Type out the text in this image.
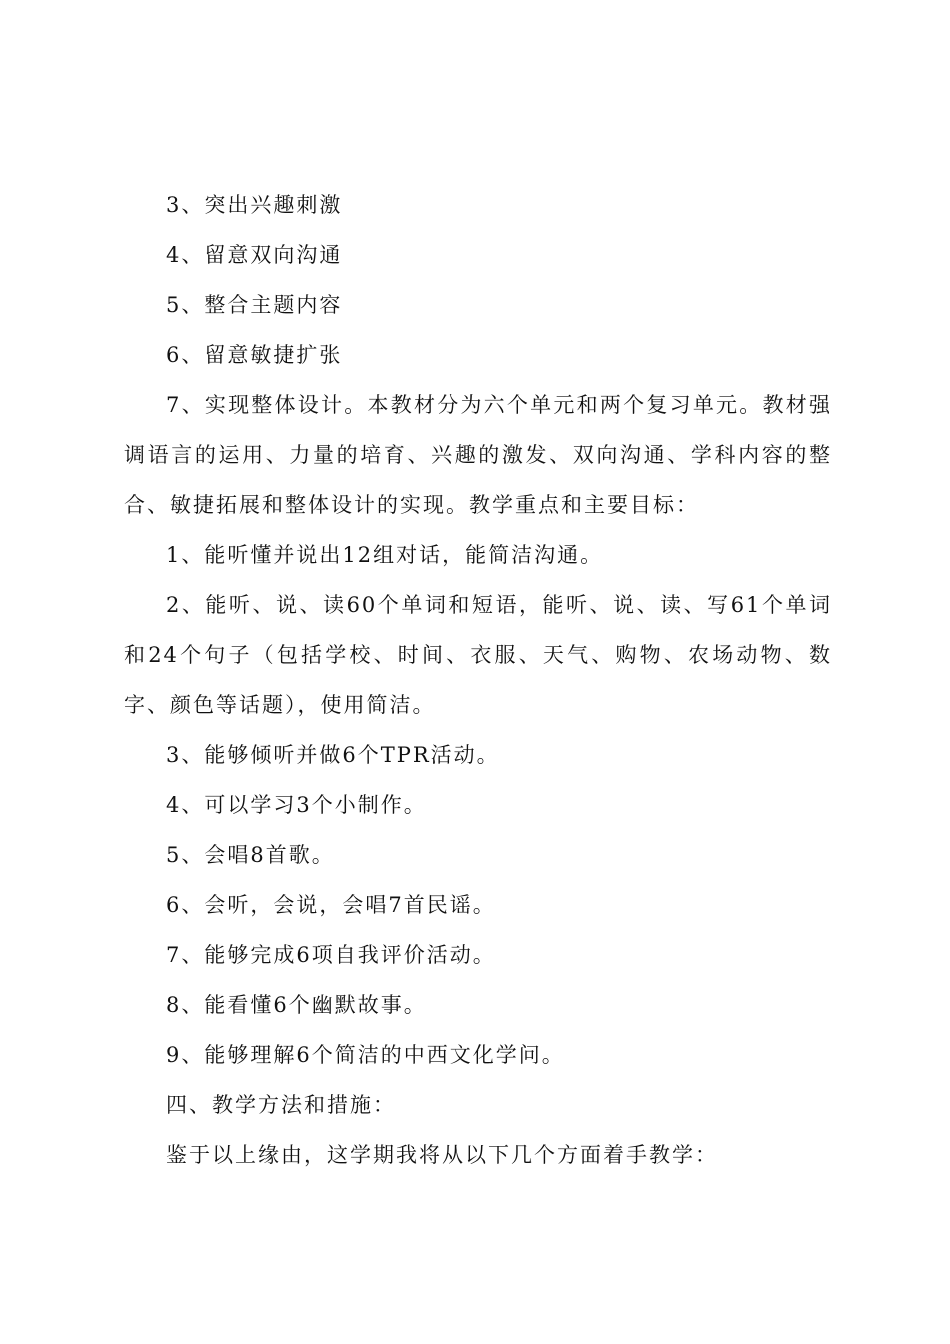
3、突出兴趣刺激

4、留意双向沟通

5、整合主题内容

6、留意敏捷扩张

7、实现整体设计。本教材分为六个单元和两个复习单元。教材强调语言的运用、力量的培育、兴趣的激发、双向沟通、学科内容的整合、敏捷拓展和整体设计的实现。教学重点和主要目标：

1、能听懂并说出12组对话，能简洁沟通。

2、能听、说、读60个单词和短语，能听、说、读、写61个单词和24个句子（包括学校、时间、衣服、天气、购物、农场动物、数字、颜色等话题），使用简洁。

3、能够倾听并做6个TPR活动。

4、可以学习3个小制作。

5、会唱8首歌。

6、会听，会说，会唱7首民谣。

7、能够完成6项自我评价活动。

8、能看懂6个幽默故事。

9、能够理解6个简洁的中西文化学问。

四、教学方法和措施：

鉴于以上缘由，这学期我将从以下几个方面着手教学：
